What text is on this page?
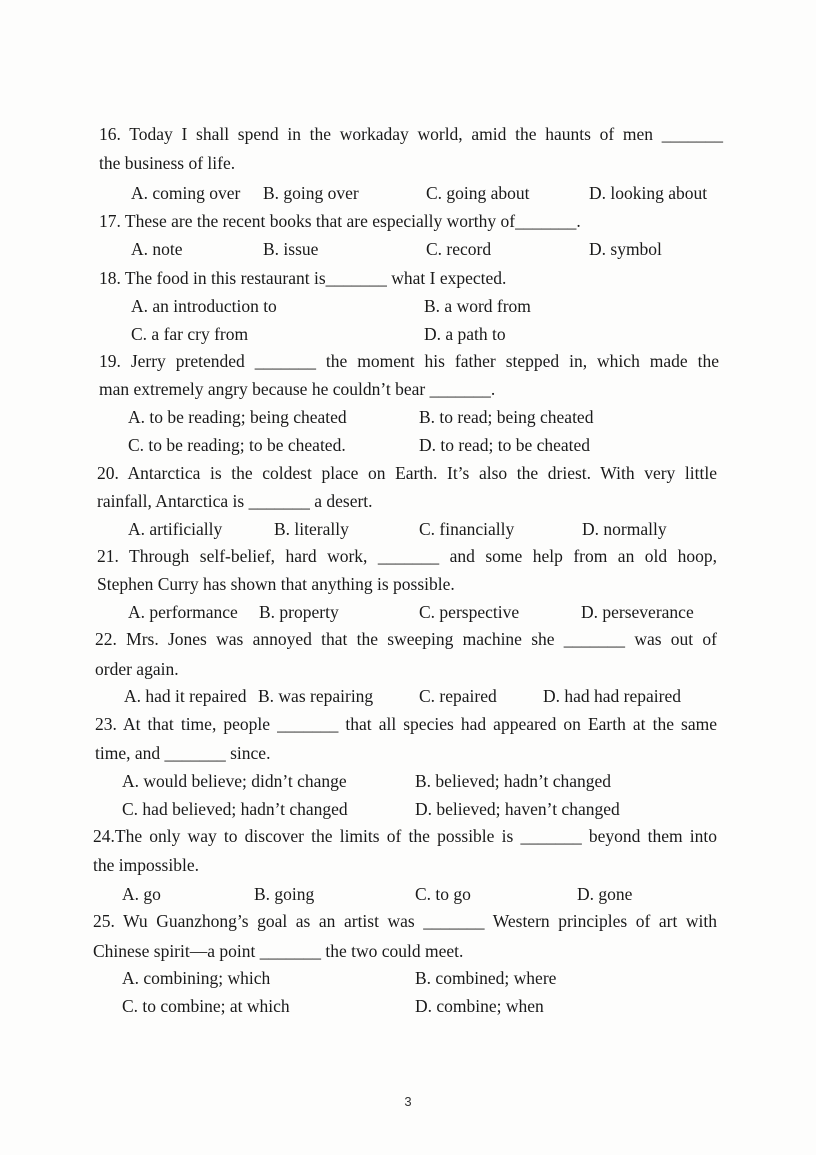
16. Today I shall spend in the workaday world, amid the haunts of men _______
the business of life.
A. coming over B. going over	C. going about	D. looking about
17. These are the recent books that are especially worthy of_______.
A. note	B. issue	C. record	D. symbol
18. The food in this restaurant is_______ what I expected.
A. an introduction to	B. a word from
C. a far cry from	D. a path to
19. Jerry pretended _______ the moment his father stepped in, which made the
man extremely angry because he couldn’t bear _______.
A. to be reading; being cheated	B. to read; being cheated
C. to be reading; to be cheated.	D. to read; to be cheated
20. Antarctica is the coldest place on Earth. It’s also the driest. With very little
rainfall, Antarctica is _______ a desert.
A. artificially	B. literally	C. financially	D. normally
21. Through self-belief, hard work, _______ and some help from an old hoop,
Stephen Curry has shown that anything is possible.
A. performance B. property	C. perspective	D. perseverance
22. Mrs. Jones was annoyed that the sweeping machine she _______ was out of
order again.
A. had it repaired B. was repairing	C. repaired	D. had had repaired
23. At that time, people _______ that all species had appeared on Earth at the same
time, and _______ since.
A. would believe; didn’t change	B. believed; hadn’t changed
C. had believed; hadn’t changed	D. believed; haven’t changed
24.The only way to discover the limits of the possible is _______ beyond them into
the impossible.
A. go	B. going	C. to go	D. gone
25. Wu Guanzhong’s goal as an artist was _______ Western principles of art with
Chinese spirit—a point _______ the two could meet.
A. combining; which	B. combined; where
C. to combine; at which	D. combine; when
3
